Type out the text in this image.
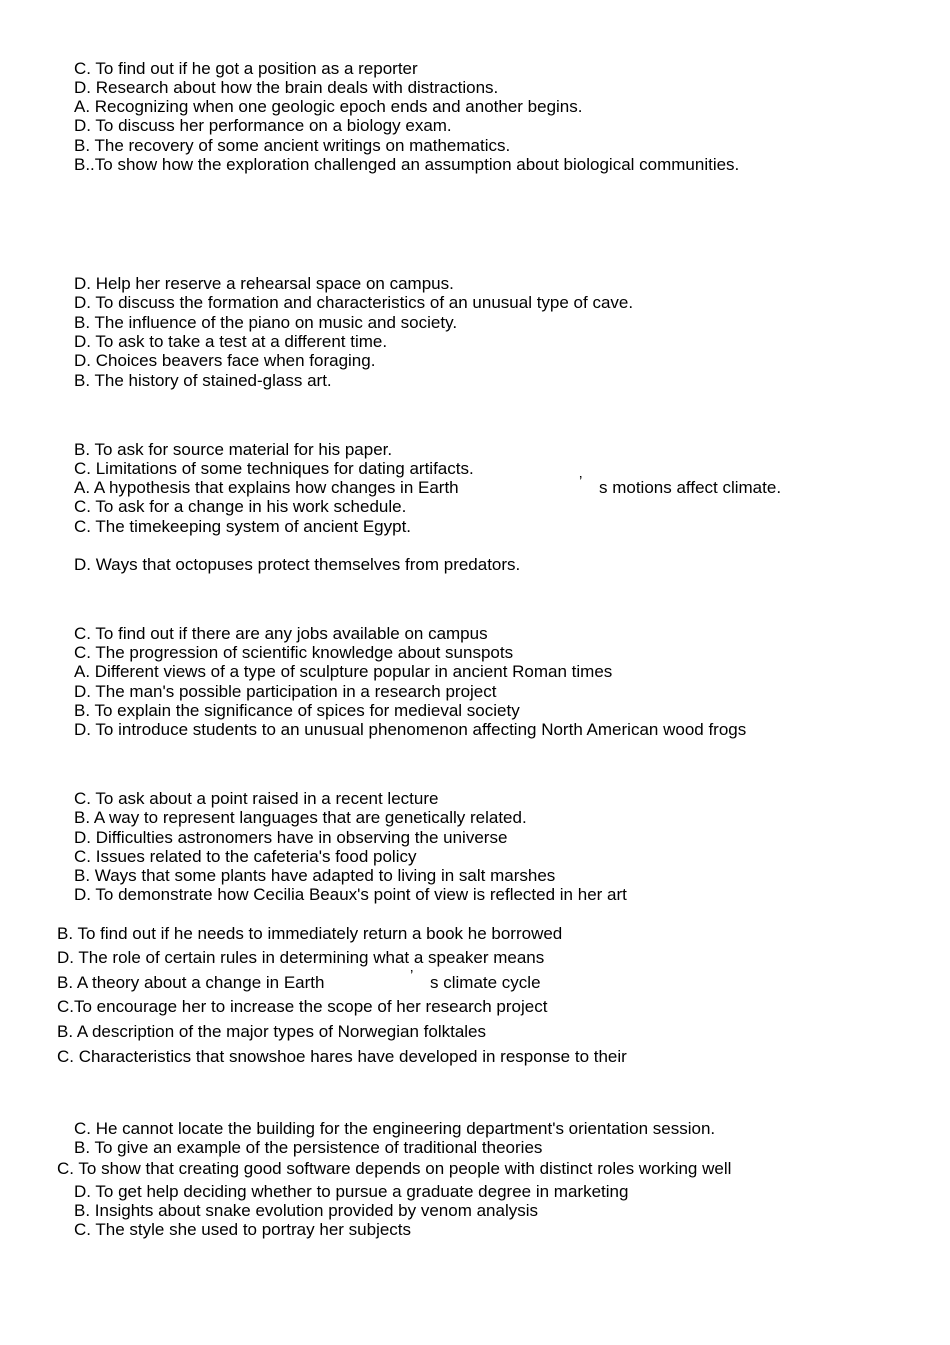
C. To find out if he got a position as a reporter
D. Research about how the brain deals with distractions.
A. Recognizing when one geologic epoch ends and another begins.
D. To discuss her performance on a biology exam.
B. The recovery of some ancient writings on mathematics.
B..To show how the exploration challenged an assumption about biological communities.
D. Help her reserve a rehearsal space on campus.
D. To discuss the formation and characteristics of an unusual type of cave.
B. The influence of the piano on music and society.
D. To ask to take a test at a different time.
D. Choices beavers face when foraging.
B. The history of stained-glass art.
B. To ask for source material for his paper.
C. Limitations of some techniques for dating artifacts.
A. A hypothesis that explains how changes in Earth	’ s motions affect climate.
C. To ask for a change in his work schedule.
C. The timekeeping system of ancient Egypt.
D. Ways that octopuses protect themselves from predators.
C. To find out if there are any jobs available on campus
C. The progression of scientific knowledge about sunspots
A. Different views of a type of sculpture popular in ancient Roman times
D. The man's possible participation in a research project
B. To explain the significance of spices for medieval society
D. To introduce students to an unusual phenomenon affecting North American wood frogs
C. To ask about a point raised in a recent lecture
B. A way to represent languages that are genetically related.
D. Difficulties astronomers have in observing the universe
C. Issues related to the cafeteria's food policy
B. Ways that some plants have adapted to living in salt marshes
D. To demonstrate how Cecilia Beaux's point of view is reflected in her art
B. To find out if he needs to immediately return a book he borrowed
D. The role of certain rules in determining what a speaker means
B. A theory about a change in Earth	’ s climate cycle
C.To encourage her to increase the scope of her research project
B. A description of the major types of Norwegian folktales
C. Characteristics that snowshoe hares have developed in response to their
C. He cannot locate the building for the engineering department's orientation session.
B. To give an example of the persistence of traditional theories
C. To show that creating good software depends on people with distinct roles working well
D. To get help deciding whether to pursue a graduate degree in marketing
B. Insights about snake evolution provided by venom analysis
C. The style she used to portray her subjects
